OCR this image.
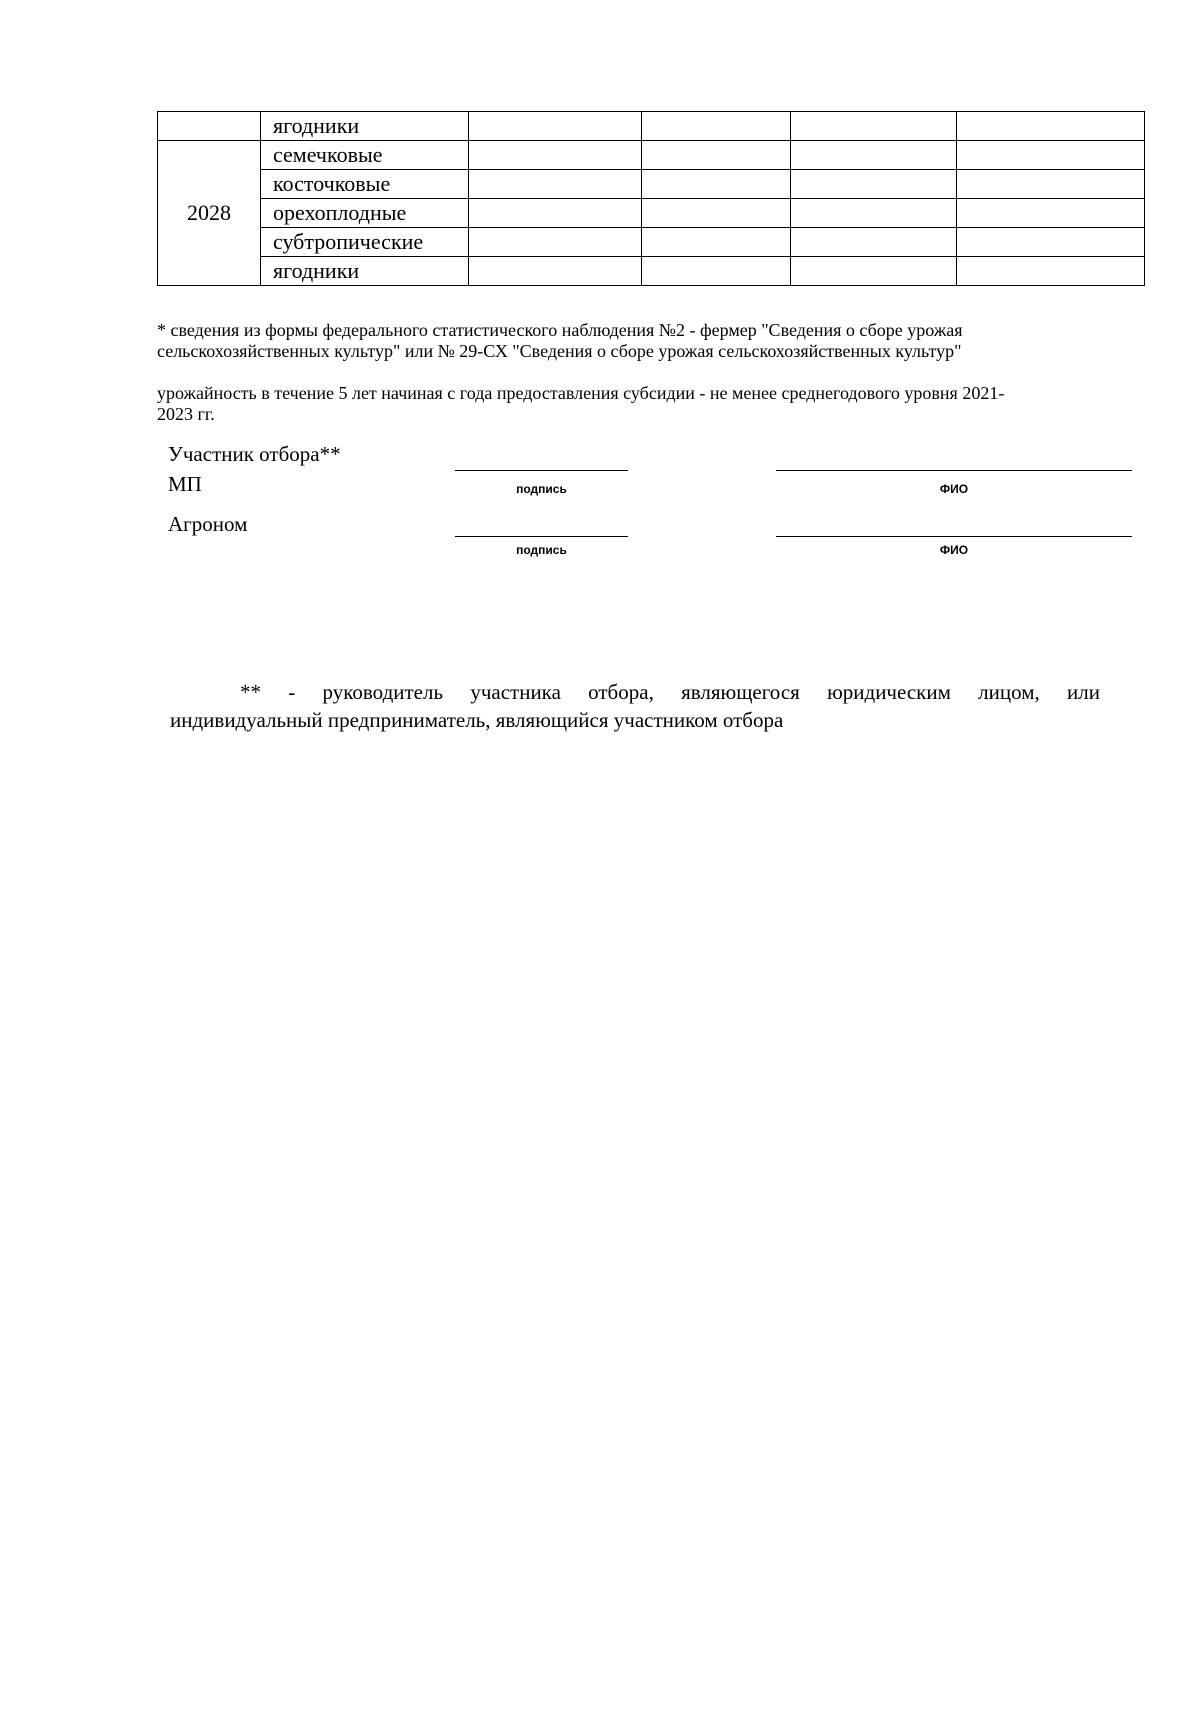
	ягодники				
2028	семечковые				
	косточковые				
	орехоплодные				
	субтропические				
	ягодники				
* сведения из формы федерального статистического наблюдения №2 - фермер "Сведения о сборе урожая
сельскохозяйственных культур" или № 29-СХ "Сведения о сборе урожая сельскохозяйственных культур"
урожайность в течение 5 лет начиная с года предоставления субсидии - не менее среднегодового уровня 2021-
2023 гг.
Участник отбора**
МП	подпись	ФИО
Агроном
подпись	ФИО
** - руководитель участника отбора, являющегося юридическим лицом, или
индивидуальный предприниматель, являющийся участником отбора
